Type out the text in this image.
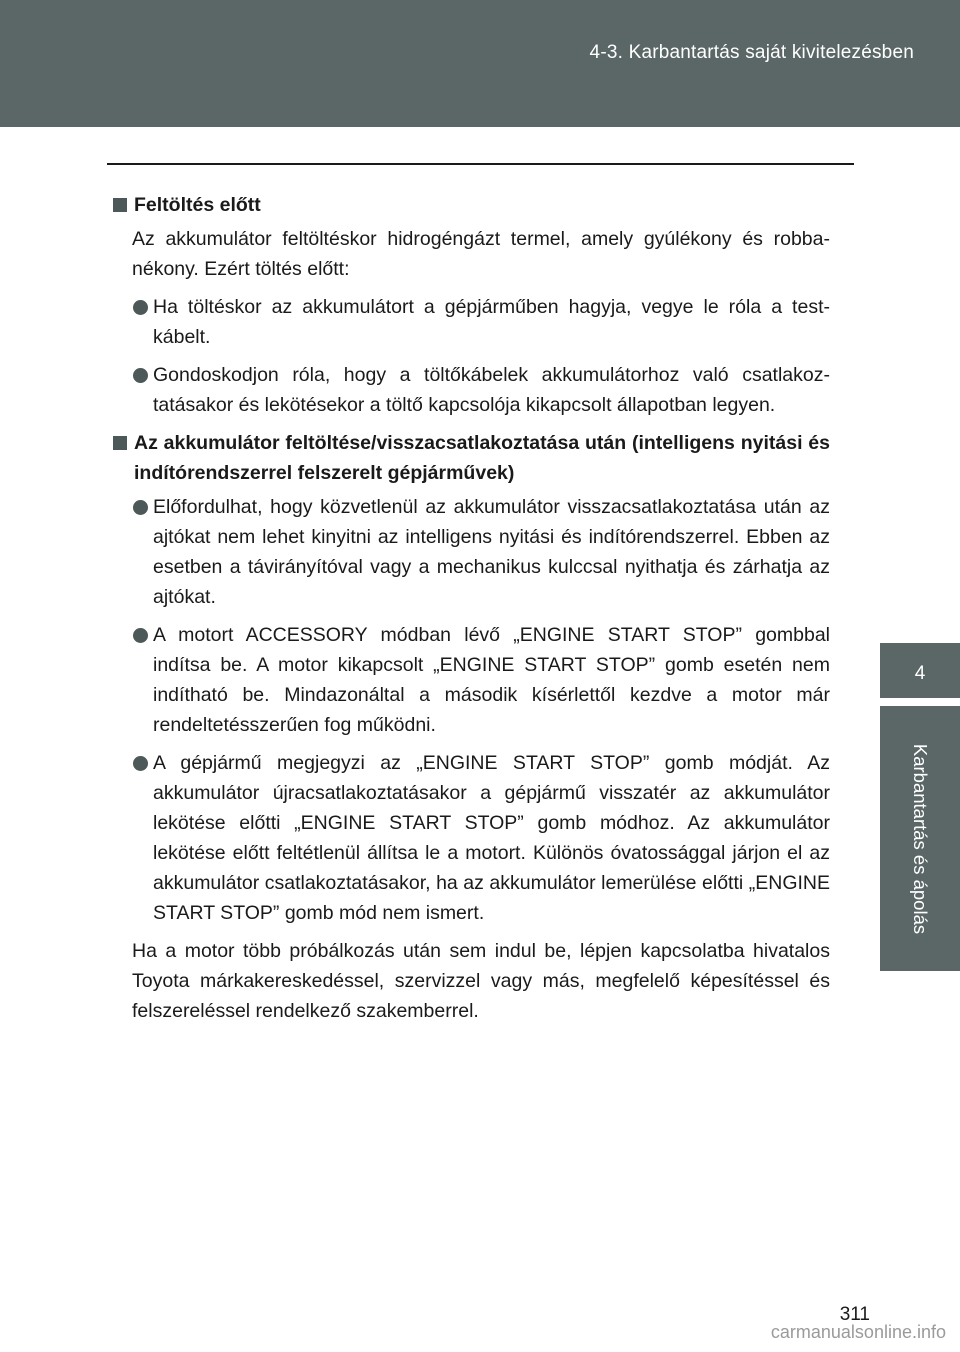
4-3. Karbantartás saját kivitelezésben
4
Karbantartás és ápolás
Feltöltés előtt
Az akkumulátor feltöltéskor hidrogéngázt termel, amely gyúlékony és robbanékony. Ezért töltés előtt:
Ha töltéskor az akkumulátort a gépjárműben hagyja, vegye le róla a testkábelt.
Gondoskodjon róla, hogy a töltőkábelek akkumulátorhoz való csatlakoztatásakor és lekötésekor a töltő kapcsolója kikapcsolt állapotban legyen.
Az akkumulátor feltöltése/visszacsatlakoztatása után (intelligens nyitási és indítórendszerrel felszerelt gépjárművek)
Előfordulhat, hogy közvetlenül az akkumulátor visszacsatlakoztatása után az ajtókat nem lehet kinyitni az intelligens nyitási és indítórendszerrel. Ebben az esetben a távirányítóval vagy a mechanikus kulccsal nyithatja és zárhatja az ajtókat.
A motort ACCESSORY módban lévő „ENGINE START STOP” gombbal indítsa be. A motor kikapcsolt „ENGINE START STOP” gomb esetén nem indítható be. Mindazonáltal a második kísérlettől kezdve a motor már rendeltetésszerűen fog működni.
A gépjármű megjegyzi az „ENGINE START STOP” gomb módját. Az akkumulátor újracsatlakoztatásakor a gépjármű visszatér az akkumulátor lekötése előtti „ENGINE START STOP” gomb módhoz. Az akkumulátor lekötése előtt feltétlenül állítsa le a motort. Különös óvatossággal járjon el az akkumulátor csatlakoztatásakor, ha az akkumulátor lemerülése előtti „ENGINE START STOP” gomb mód nem ismert.
Ha a motor több próbálkozás után sem indul be, lépjen kapcsolatba hivatalos Toyota márkakereskedéssel, szervizzel vagy más, megfelelő képesítéssel és felszereléssel rendelkező szakemberrel.
311
carmanualsonline.info
